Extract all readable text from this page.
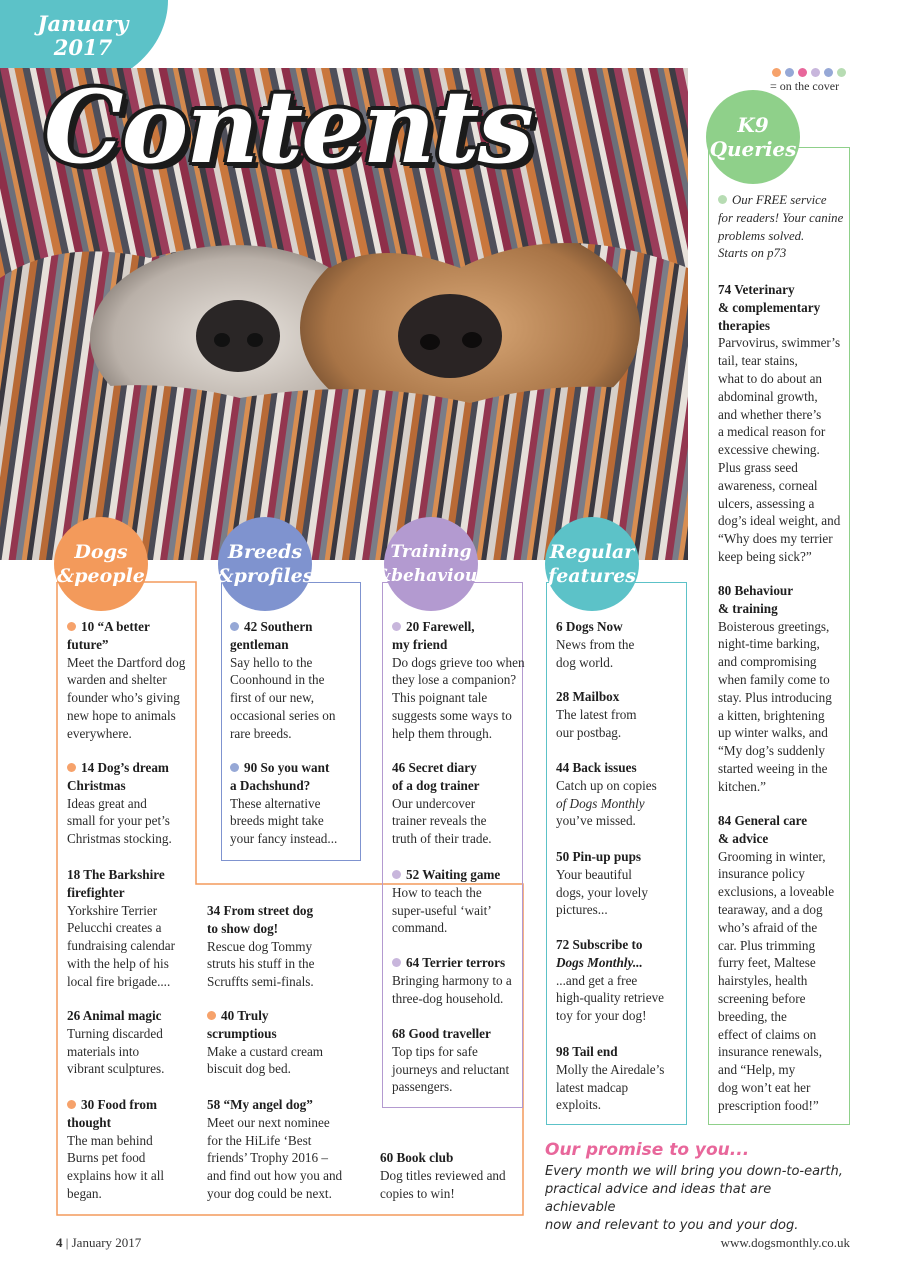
January
2017
Contents	= on the cover
K9
Queries
Our FREE service
for readers! Your canine
problems solved.
Starts on p73
74 Veterinary
& complementary
therapies
Parvovirus, swimmer’s
tail, tear stains,
what to do about an
abdominal growth,
and whether there’s
a medical reason for
excessive chewing.
Plus grass seed
awareness, corneal
ulcers, assessing a
dog’s ideal weight, and
“Why does my terrier
keep being sick?”
80 Behaviour
& training
Boisterous greetings,
night-time barking,
and compromising
when family come to
stay. Plus introducing
a kitten, brightening
up winter walks, and
“My dog’s suddenly
started weeing in the
kitchen.”
84 General care
& advice
Grooming in winter,
insurance policy
exclusions, a loveable
tearaway, and a dog
who’s afraid of the
car. Plus trimming
furry feet, Maltese
hairstyles, health
screening before
breeding, the
effect of claims on
insurance renewals,
and “Help, my
dog won’t eat her
prescription food!”
Dogs
&people
Breeds
&profiles
Training
&behaviour
Regular
features
10 “A better
future”
Meet the Dartford dog
warden and shelter
founder who’s giving
new hope to animals
everywhere.
14 Dog’s dream
Christmas
Ideas great and
small for your pet’s
Christmas stocking.
18 The Barkshire
firefighter
Yorkshire Terrier
Pelucchi creates a
fundraising calendar
with the help of his
local fire brigade....
26 Animal magic
Turning discarded
materials into
vibrant sculptures.
30 Food from
thought
The man behind
Burns pet food
explains how it all
began.
42 Southern
gentleman
Say hello to the
Coonhound in the
first of our new,
occasional series on
rare breeds.
90 So you want
a Dachshund?
These alternative
breeds might take
your fancy instead...
34 From street dog
to show dog!
Rescue dog Tommy
struts his stuff in the
Scruffts semi-finals.
40 Truly
scrumptious
Make a custard cream
biscuit dog bed.
58 “My angel dog”
Meet our next nominee
for the HiLife ‘Best
friends’ Trophy 2016 –
and find out how you and
your dog could be next.
60 Book club
Dog titles reviewed and
copies to win!
20 Farewell,
my friend
Do dogs grieve too when
they lose a companion?
This poignant tale
suggests some ways to
help them through.
46 Secret diary
of a dog trainer
Our undercover
trainer reveals the
truth of their trade.
52 Waiting game
How to teach the
super-useful ‘wait’
command.
64 Terrier terrors
Bringing harmony to a
three-dog household.
68 Good traveller
Top tips for safe
journeys and reluctant
passengers.
6 Dogs Now
News from the
dog world.
28 Mailbox
The latest from
our postbag.
44 Back issues
Catch up on copies
of Dogs Monthly
you’ve missed.
50 Pin-up pups
Your beautiful
dogs, your lovely
pictures...
72 Subscribe to
Dogs Monthly...
...and get a free
high-quality retrieve
toy for your dog!
98 Tail end
Molly the Airedale’s
latest madcap
exploits.
Our promise to you...
Every month we will bring you down-to-earth,
practical advice and ideas that are achievable
now and relevant to you and your dog.
4 | January 2017	www.dogsmonthly.co.uk
